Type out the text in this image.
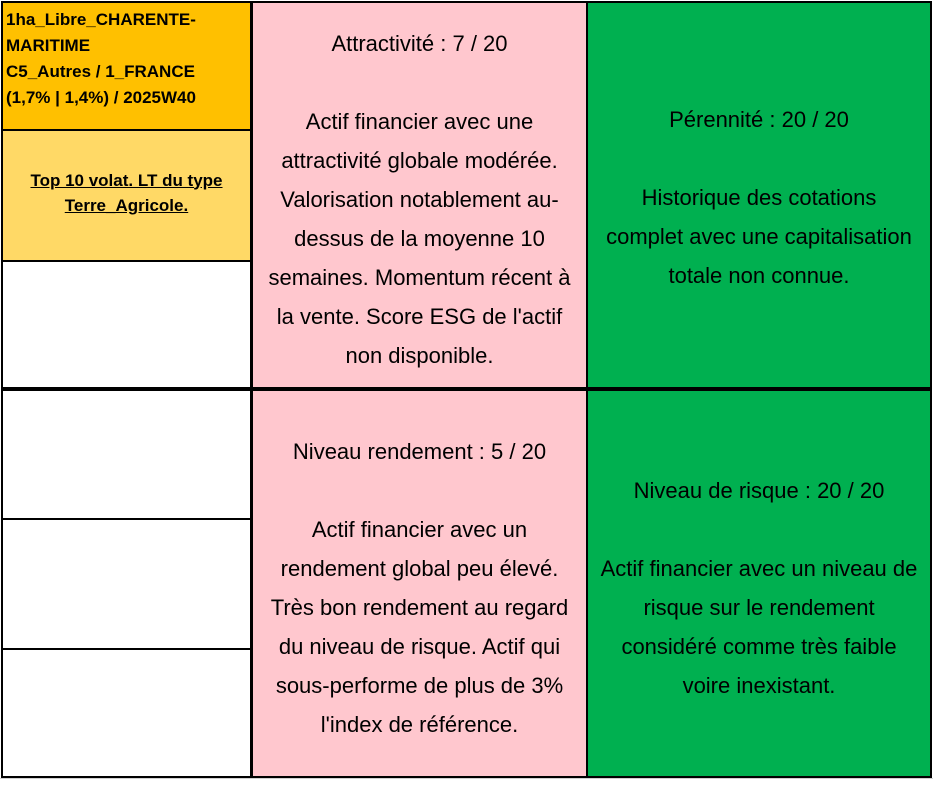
1ha_Libre_CHARENTE-
MARITIME
C5_Autres / 1_FRANCE
(1,7% | 1,4%) / 2025W40
Top 10 volat. LT du type
Terre_Agricole.
Attractivité : 7 / 20
Actif financier avec une
attractivité globale modérée.
Valorisation notablement au-
dessus de la moyenne 10
semaines. Momentum récent à
la vente. Score ESG de l'actif
non disponible.
Pérennité : 20 / 20
Historique des cotations
complet avec une capitalisation
totale non connue.
Niveau rendement : 5 / 20
Actif financier avec un
rendement global peu élevé.
Très bon rendement au regard
du niveau de risque. Actif qui
sous-performe de plus de 3%
l'index de référence.
Niveau de risque : 20 / 20
Actif financier avec un niveau de
risque sur le rendement
considéré comme très faible
voire inexistant.
